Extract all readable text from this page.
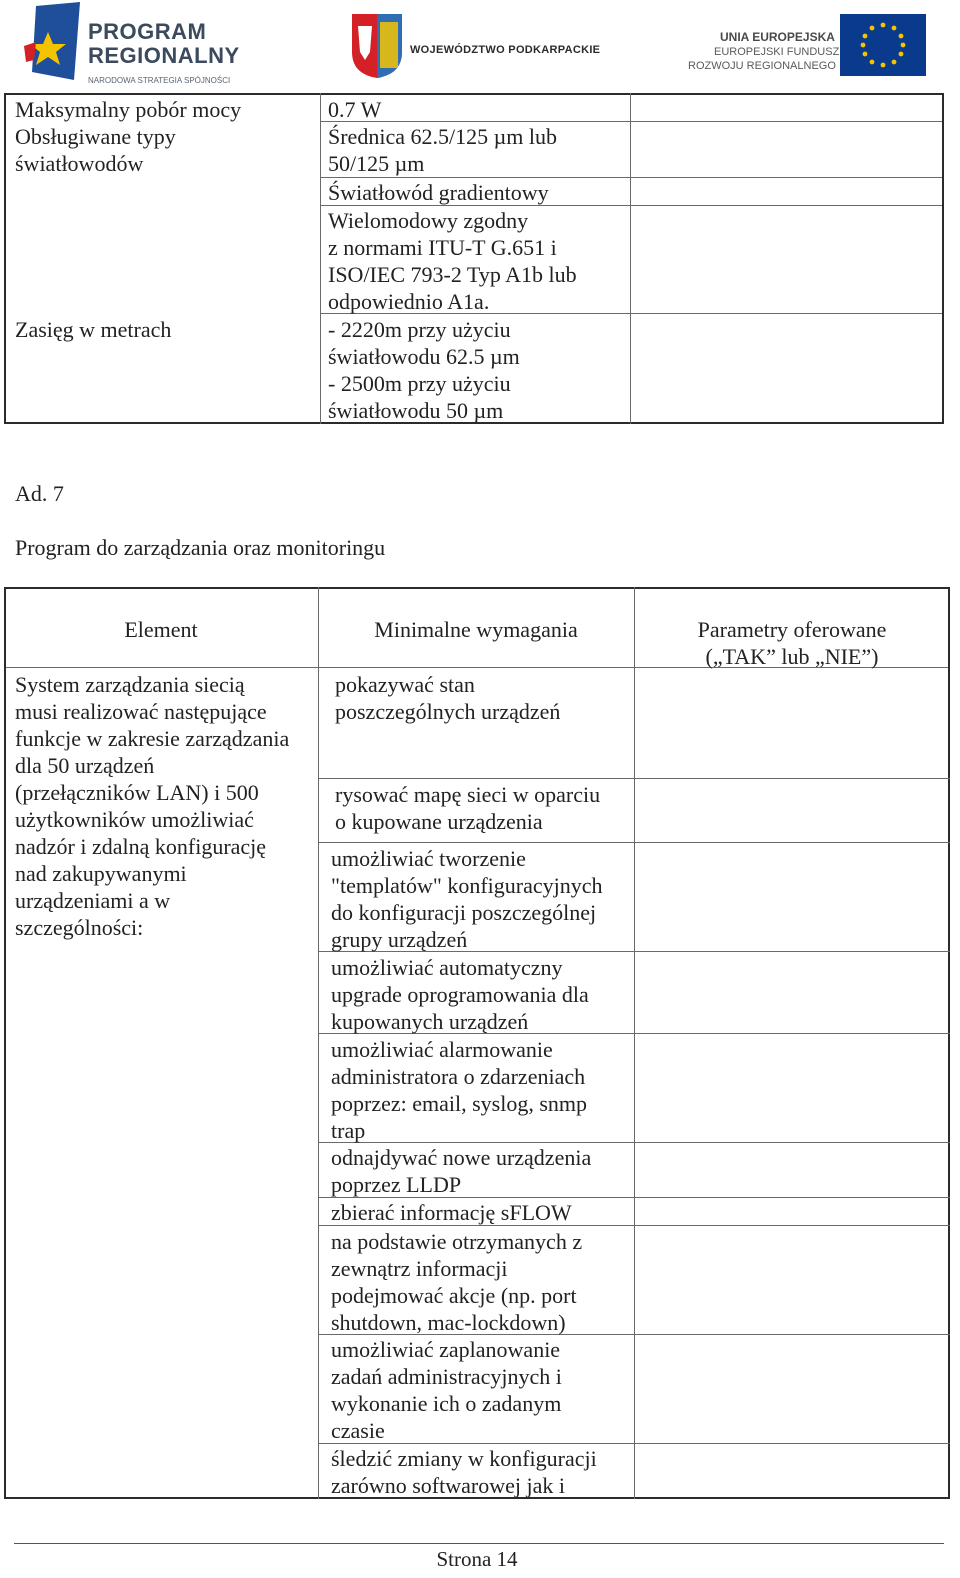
PROGRAM
REGIONALNY
NARODOWA STRATEGIA SPÓJNOŚCI
WOJEWÓDZTWO PODKARPACKIE
UNIA EUROPEJSKA
EUROPEJSKI FUNDUSZ
ROZWOJU REGIONALNEGO
Maksymalny pobór mocy
Obsługiwane typy
światłowodów
Zasięg w metrach
0.7 W
Średnica 62.5/125 µm lub
50/125 µm
Światłowód gradientowy
Wielomodowy zgodny
z normami ITU-T G.651 i
ISO/IEC 793-2 Typ A1b lub
odpowiednio A1a.
- 2220m przy użyciu
światłowodu 62.5 µm
- 2500m przy użyciu
światłowodu 50 µm
Ad. 7
Program do zarządzania oraz monitoringu
Element	Minimalne wymagania	Parametry oferowane
(„TAK” lub „NIE”)
System zarządzania siecią
musi realizować następujące
funkcje w zakresie zarządzania
dla 50 urządzeń
(przełączników LAN) i 500
użytkowników umożliwiać
nadzór i zdalną konfigurację
nad zakupywanymi
urządzeniami a w
szczególności:
pokazywać stan
poszczególnych urządzeń
rysować mapę sieci w oparciu
o kupowane urządzenia
umożliwiać tworzenie
"templatów" konfiguracyjnych
do konfiguracji poszczególnej
grupy urządzeń
umożliwiać automatyczny
upgrade oprogramowania dla
kupowanych urządzeń
umożliwiać alarmowanie
administratora o zdarzeniach
poprzez: email, syslog, snmp
trap
odnajdywać nowe urządzenia
poprzez LLDP
zbierać informację sFLOW
na podstawie otrzymanych z
zewnątrz informacji
podejmować akcje (np. port
shutdown, mac-lockdown)
umożliwiać zaplanowanie
zadań administracyjnych i
wykonanie ich o zadanym
czasie
śledzić zmiany w konfiguracji
zarówno softwarowej jak i
Strona 14
